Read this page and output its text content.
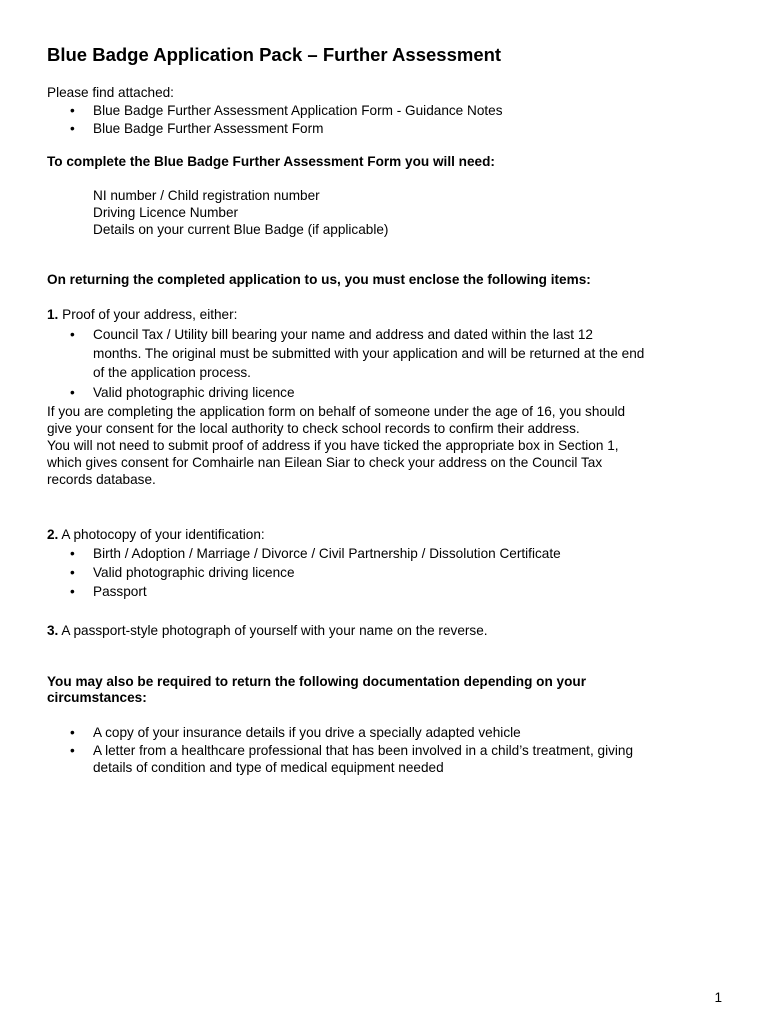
Blue Badge Application Pack – Further Assessment
Please find attached:
Blue Badge Further Assessment Application Form - Guidance Notes
Blue Badge Further Assessment Form
To complete the Blue Badge Further Assessment Form you will need:
NI number / Child registration number
Driving Licence Number
Details on your current Blue Badge (if applicable)
On returning the completed application to us, you must enclose the following items:
1. Proof of your address, either:
Council Tax / Utility bill bearing your name and address and dated within the last 12
months. The original must be submitted with your application and will be returned at the end
of the application process.
Valid photographic driving licence
If you are completing the application form on behalf of someone under the age of 16, you should
give your consent for the local authority to check school records to confirm their address.
You will not need to submit proof of address if you have ticked the appropriate box in Section 1,
which gives consent for Comhairle nan Eilean Siar to check your address on the Council Tax
records database.
2. A photocopy of your identification:
Birth / Adoption / Marriage / Divorce / Civil Partnership / Dissolution Certificate
Valid photographic driving licence
Passport
3. A passport-style photograph of yourself with your name on the reverse.
You may also be required to return the following documentation depending on your
circumstances:
A copy of your insurance details if you drive a specially adapted vehicle
A letter from a healthcare professional that has been involved in a child’s treatment, giving
details of condition and type of medical equipment needed
1
